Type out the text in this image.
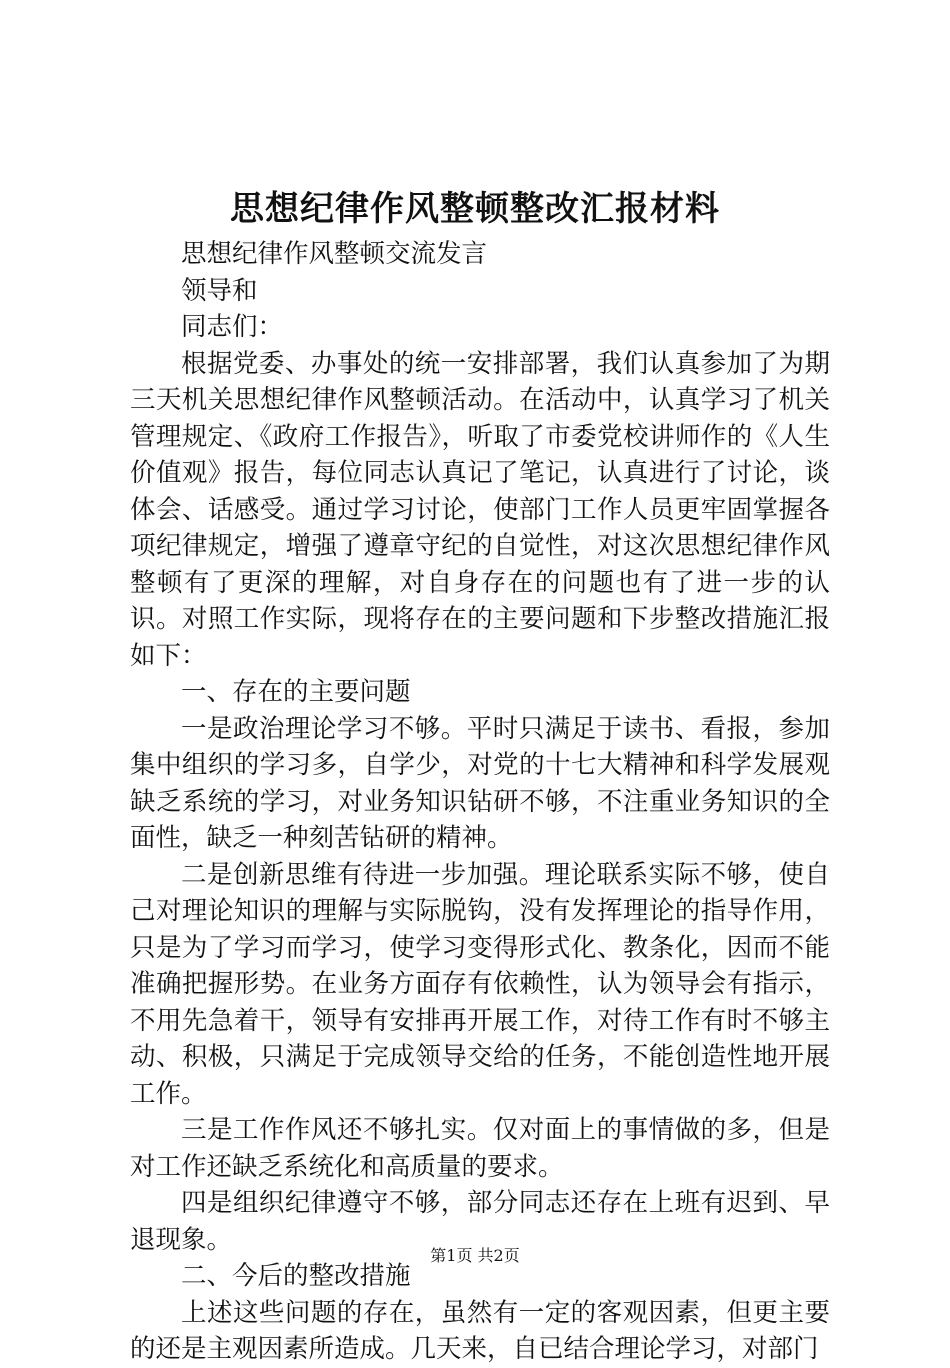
思想纪律作风整顿整改汇报材料

思想纪律作风整顿交流发言

领导和

同志们：

根据党委、办事处的统一安排部署，我们认真参加了为期三天机关思想纪律作风整顿活动。在活动中，认真学习了机关管理规定、《政府工作报告》，听取了市委党校讲师作的《人生价值观》报告，每位同志认真记了笔记，认真进行了讨论，谈体会、话感受。通过学习讨论，使部门工作人员更牢固掌握各项纪律规定，增强了遵章守纪的自觉性，对这次思想纪律作风整顿有了更深的理解，对自身存在的问题也有了进一步的认识。对照工作实际，现将存在的主要问题和下步整改措施汇报如下：

一、存在的主要问题

一是政治理论学习不够。平时只满足于读书、看报，参加集中组织的学习多，自学少，对党的十七大精神和科学发展观缺乏系统的学习，对业务知识钻研不够，不注重业务知识的全面性，缺乏一种刻苦钻研的精神。

二是创新思维有待进一步加强。理论联系实际不够，使自己对理论知识的理解与实际脱钩，没有发挥理论的指导作用，只是为了学习而学习，使学习变得形式化、教条化，因而不能准确把握形势。在业务方面存有依赖性，认为领导会有指示，不用先急着干，领导有安排再开展工作，对待工作有时不够主动、积极，只满足于完成领导交给的任务，不能创造性地开展工作。

三是工作作风还不够扎实。仅对面上的事情做的多，但是对工作还缺乏系统化和高质量的要求。

四是组织纪律遵守不够，部分同志还存在上班有迟到、早退现象。

二、今后的整改措施

上述这些问题的存在，虽然有一定的客观因素，但更主要的还是主观因素所造成。几天来，自已结合理论学习，对部门

第1页 共2页
